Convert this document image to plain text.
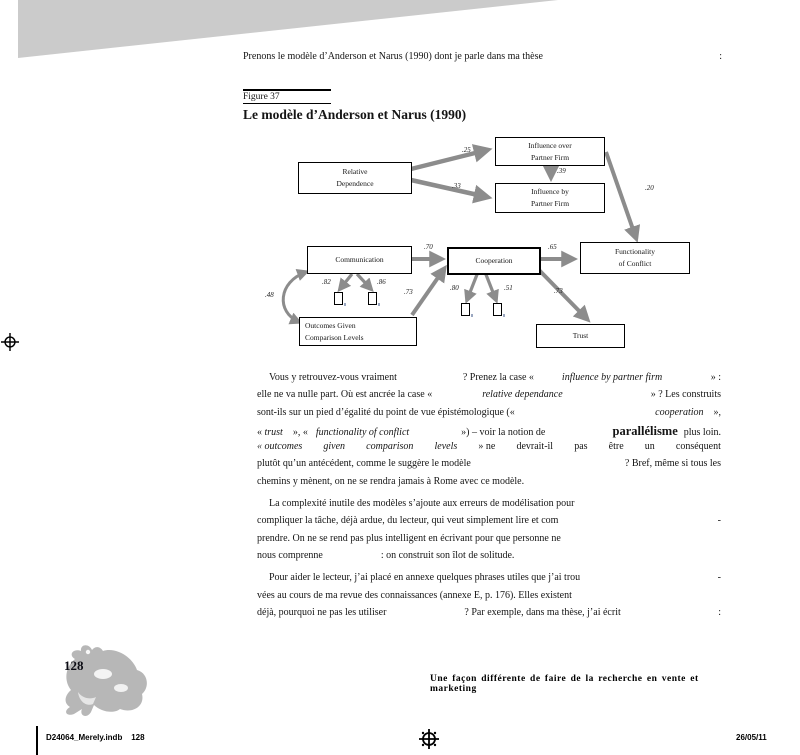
Prenons le modèle d’Anderson et Narus (1990) dont je parle dans ma thèse	:
Figure 37
Le modèle d’Anderson et Narus (1990)
Relative
Dependence
Influence over
Partner Firm
Influence by
Partner Firm
Communication	Cooperation
Functionality
of Conflict
Outcomes Given
Comparison Levels	Trust
.25
.33
.39
.20
.70	.65
.82	.86
.48	.73	.80	.51	.73
Vous y retrouvez-vous vraiment	? Prenez la case «	influence by partner firm	» :
elle ne va nulle part. Où est ancrée la case «	relative dependance	» ? Les construits
sont-ils sur un pied d’égalité du point de vue épistémologique («	cooperation »,
« trust », « functionality of conflict	») – voir la notion de	parallélisme plus loin.
« outcomes given comparison levels » ne devrait-il pas être un conséquent
plutôt qu’un antécédent, comme le suggère le modèle	? Bref, même si tous les
chemins y mènent, on ne se rendra jamais à Rome avec ce modèle.
La complexité inutile des modèles s’ajoute aux erreurs de modélisation pour
compliquer la tâche, déjà ardue, du lecteur, qui veut simplement lire et com	-
prendre. On ne se rend pas plus intelligent en écrivant pour que personne ne
nous comprenne	: on construit son îlot de solitude.
Pour aider le lecteur, j’ai placé en annexe quelques phrases utiles que j’ai trou	-
vées au cours de ma revue des connaissances (annexe E, p. 176). Elles existent
déjà, pourquoi ne pas les utiliser	? Par exemple, dans ma thèse, j’ai écrit	:
128
Une façon différente de faire de la recherche en vente et marketing
D24064_Merely.indb    128	26/05/11
